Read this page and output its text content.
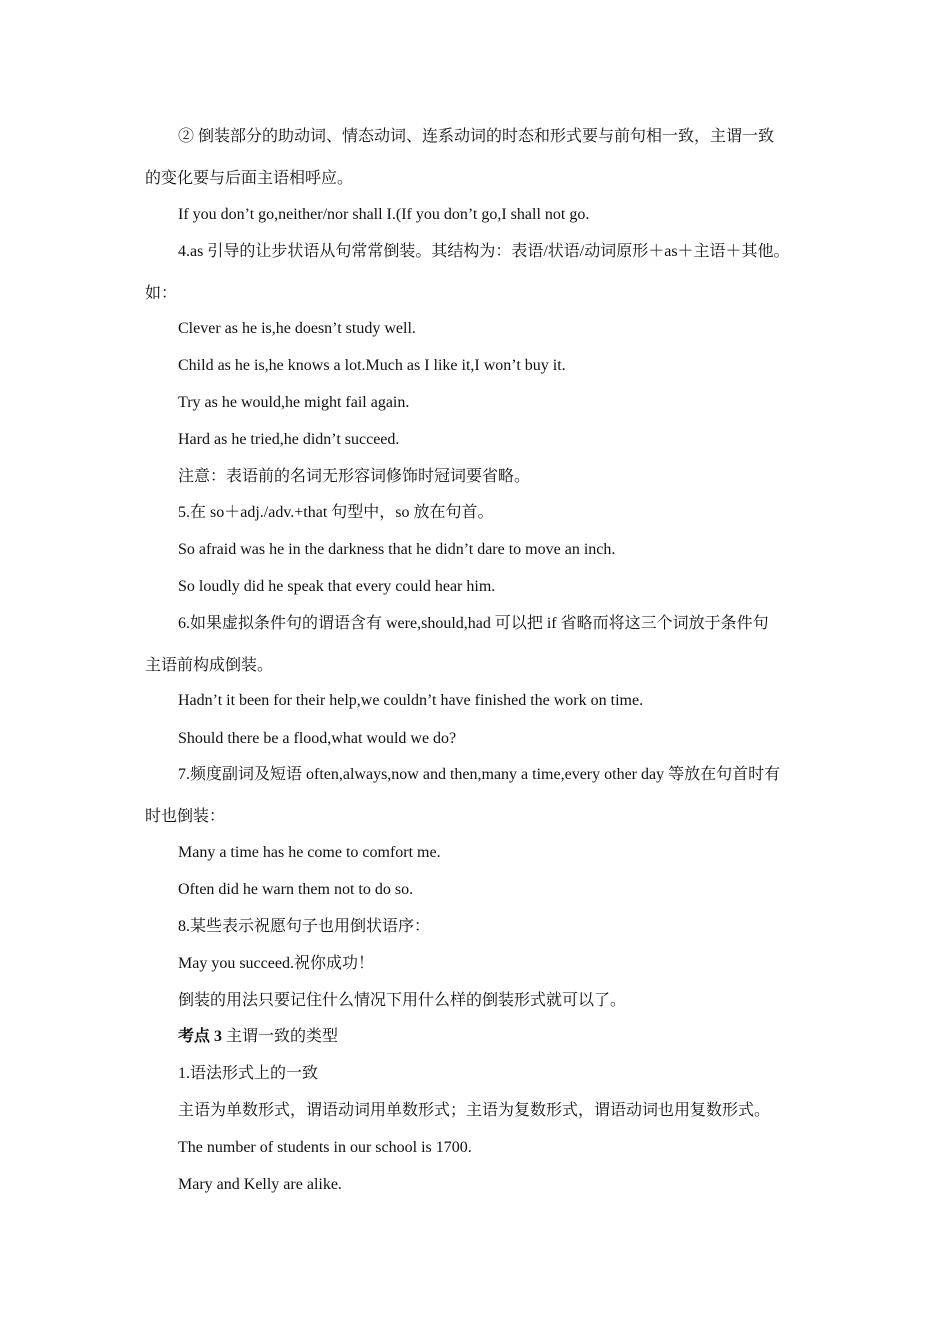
② 倒装部分的助动词、情态动词、连系动词的时态和形式要与前句相一致，主谓一致
的变化要与后面主语相呼应。
If you don’t go,neither/nor shall I.(If you don’t go,I shall not go.
4.as 引导的让步状语从句常常倒装。其结构为：表语/状语/动词原形＋as＋主语＋其他。
如：
Clever as he is,he doesn’t study well.
Child as he is,he knows a lot.Much as I like it,I won’t buy it.
Try as he would,he might fail again.
Hard as he tried,he didn’t succeed.
注意：表语前的名词无形容词修饰时冠词要省略。
5.在 so＋adj./adv.+that 句型中，so 放在句首。
So afraid was he in the darkness that he didn’t dare to move an inch.
So loudly did he speak that every could hear him.
6.如果虚拟条件句的谓语含有 were,should,had 可以把 if 省略而将这三个词放于条件句
主语前构成倒装。
Hadn’t it been for their help,we couldn’t have finished the work on time.
Should there be a flood,what would we do?
7.频度副词及短语 often,always,now and then,many a time,every other day 等放在句首时有
时也倒装：
Many a time has he come to comfort me.
Often did he warn them not to do so.
8.某些表示祝愿句子也用倒状语序：
May you succeed.祝你成功！
倒装的用法只要记住什么情况下用什么样的倒装形式就可以了。
考点 3 主谓一致的类型
1.语法形式上的一致
主语为单数形式，谓语动词用单数形式；主语为复数形式，谓语动词也用复数形式。
The number of students in our school is 1700.
Mary and Kelly are alike.
